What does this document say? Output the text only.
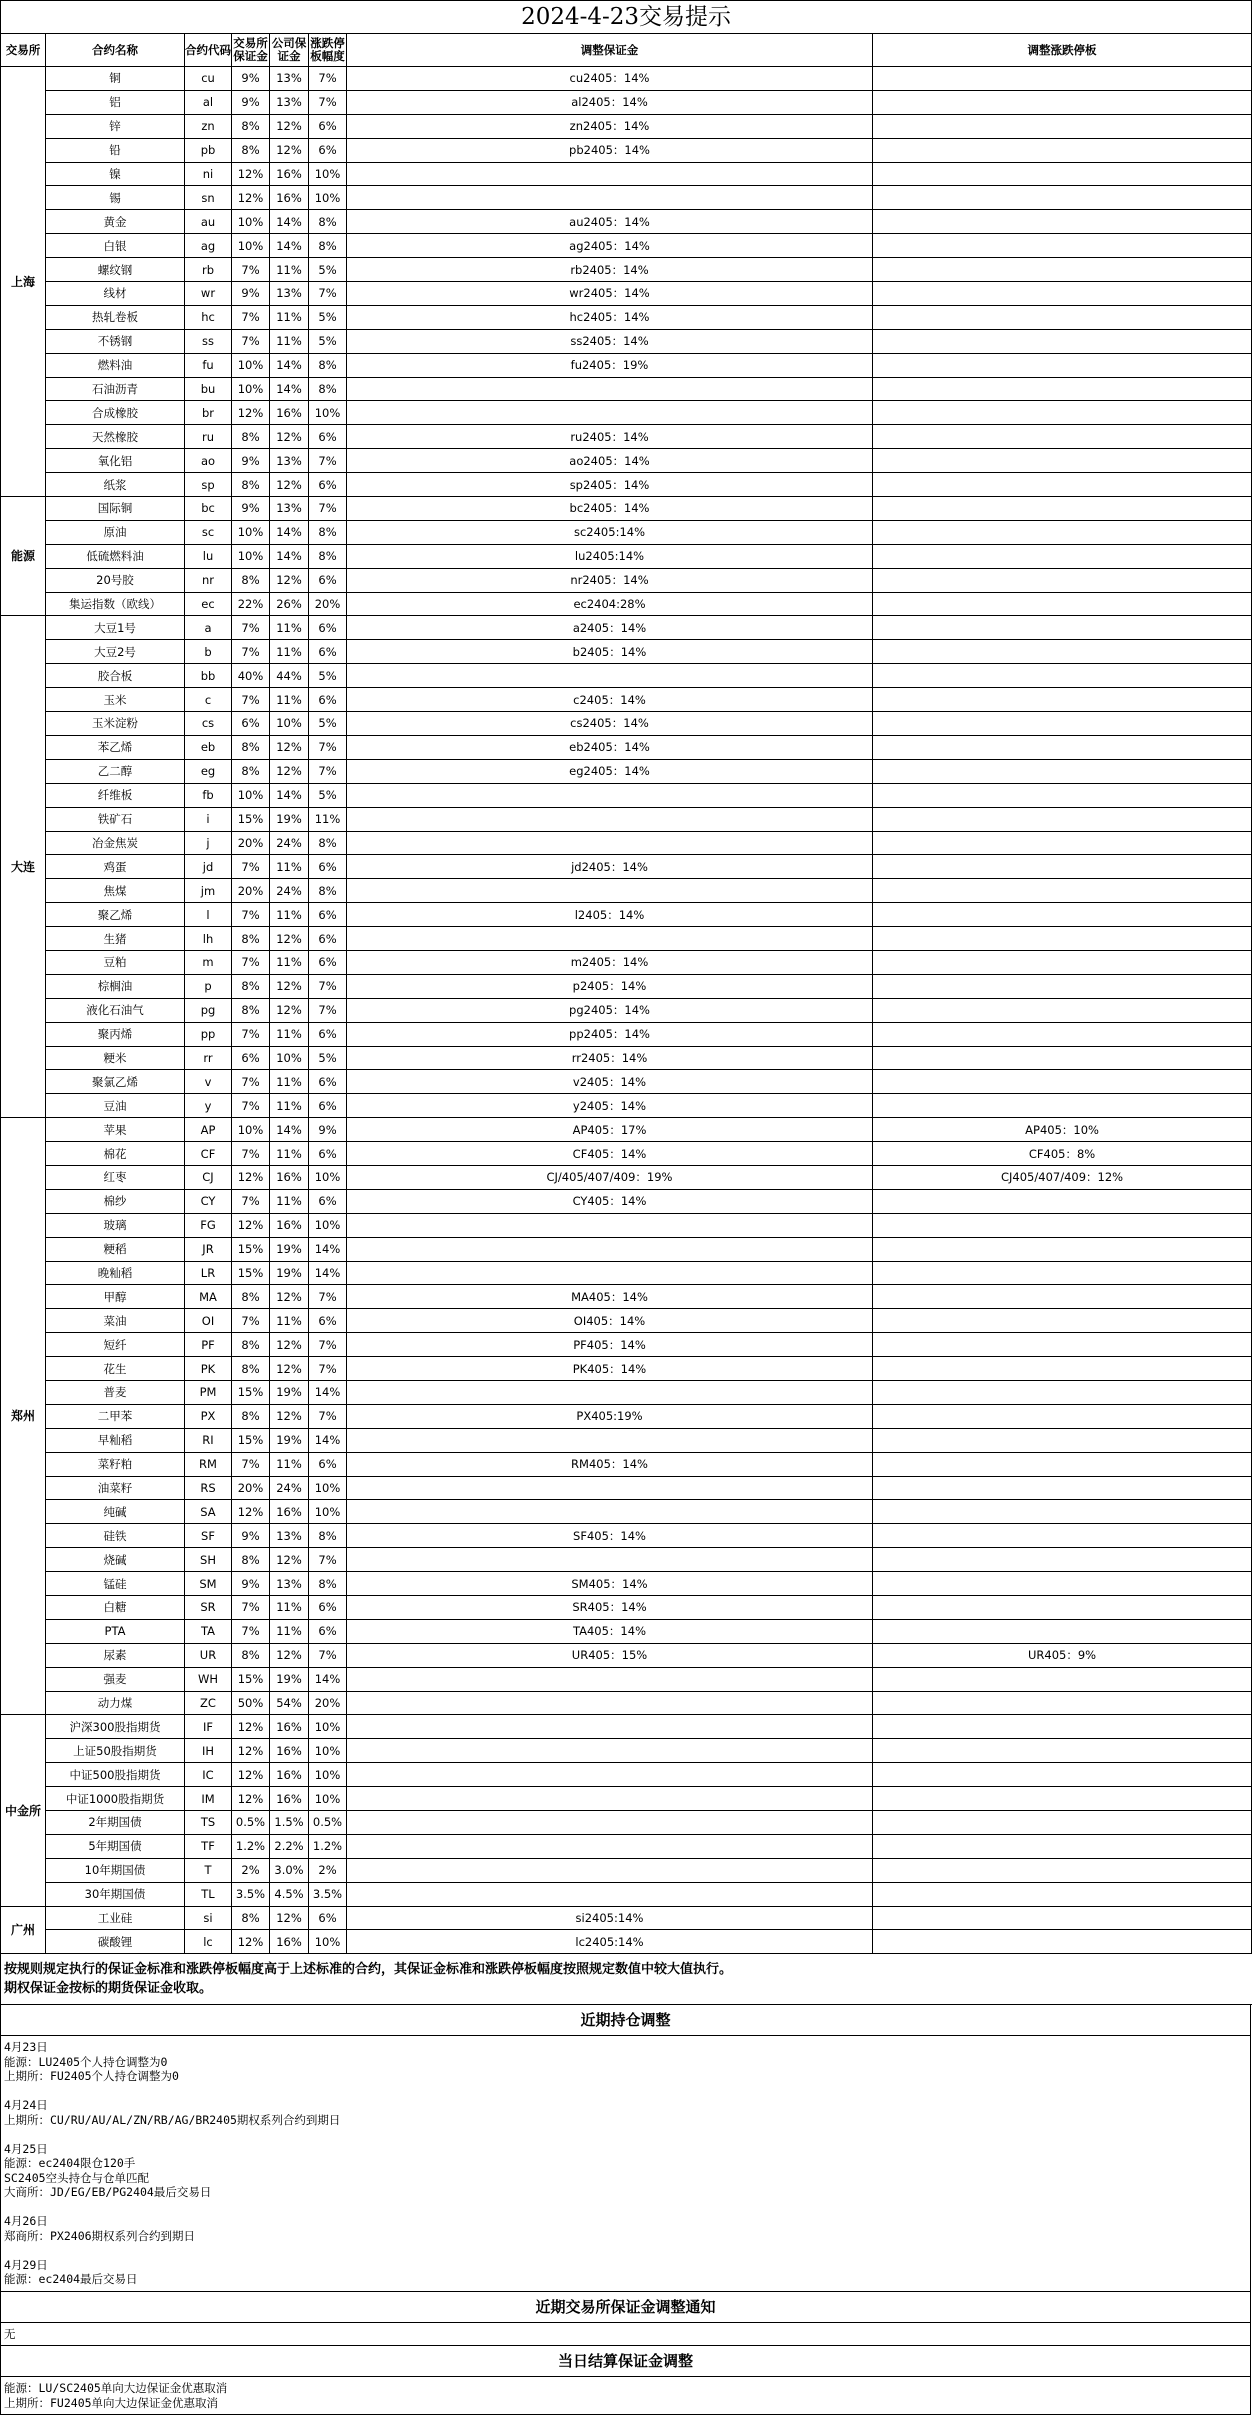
2024-4-23交易提示							
交易所	合约名称	合约代码	交易所保证金	公司保证金	涨跌停板幅度	调整保证金	调整涨跌停板
上海	铜	cu	9%	13%	7%	cu2405：14%	
	铝	al	9%	13%	7%	al2405：14%	
	锌	zn	8%	12%	6%	zn2405：14%	
	铅	pb	8%	12%	6%	pb2405：14%	
	镍	ni	12%	16%	10%		
	锡	sn	12%	16%	10%		
	黄金	au	10%	14%	8%	au2405：14%	
	白银	ag	10%	14%	8%	ag2405：14%	
	螺纹钢	rb	7%	11%	5%	rb2405：14%	
	线材	wr	9%	13%	7%	wr2405：14%	
	热轧卷板	hc	7%	11%	5%	hc2405：14%	
	不锈钢	ss	7%	11%	5%	ss2405：14%	
	燃料油	fu	10%	14%	8%	fu2405：19%	
	石油沥青	bu	10%	14%	8%		
	合成橡胶	br	12%	16%	10%		
	天然橡胶	ru	8%	12%	6%	ru2405：14%	
	氧化铝	ao	9%	13%	7%	ao2405：14%	
	纸浆	sp	8%	12%	6%	sp2405：14%	
能源	国际铜	bc	9%	13%	7%	bc2405：14%	
	原油	sc	10%	14%	8%	sc2405:14%	
	低硫燃料油	lu	10%	14%	8%	lu2405:14%	
	20号胶	nr	8%	12%	6%	nr2405：14%	
	集运指数（欧线）	ec	22%	26%	20%	ec2404:28%	
大连	大豆1号	a	7%	11%	6%	a2405：14%	
	大豆2号	b	7%	11%	6%	b2405：14%	
	胶合板	bb	40%	44%	5%		
	玉米	c	7%	11%	6%	c2405：14%	
	玉米淀粉	cs	6%	10%	5%	cs2405：14%	
	苯乙烯	eb	8%	12%	7%	eb2405：14%	
	乙二醇	eg	8%	12%	7%	eg2405：14%	
	纤维板	fb	10%	14%	5%		
	铁矿石	i	15%	19%	11%		
	冶金焦炭	j	20%	24%	8%		
	鸡蛋	jd	7%	11%	6%	jd2405：14%	
	焦煤	jm	20%	24%	8%		
	聚乙烯	l	7%	11%	6%	l2405：14%	
	生猪	lh	8%	12%	6%		
	豆粕	m	7%	11%	6%	m2405：14%	
	棕榈油	p	8%	12%	7%	p2405：14%	
	液化石油气	pg	8%	12%	7%	pg2405：14%	
	聚丙烯	pp	7%	11%	6%	pp2405：14%	
	粳米	rr	6%	10%	5%	rr2405：14%	
	聚氯乙烯	v	7%	11%	6%	v2405：14%	
	豆油	y	7%	11%	6%	y2405：14%	
郑州	苹果	AP	10%	14%	9%	AP405：17%	AP405：10%
	棉花	CF	7%	11%	6%	CF405：14%	CF405：8%
	红枣	CJ	12%	16%	10%	CJ/405/407/409：19%	CJ405/407/409：12%
	棉纱	CY	7%	11%	6%	CY405：14%	
	玻璃	FG	12%	16%	10%		
	粳稻	JR	15%	19%	14%		
	晚籼稻	LR	15%	19%	14%		
	甲醇	MA	8%	12%	7%	MA405：14%	
	菜油	OI	7%	11%	6%	OI405：14%	
	短纤	PF	8%	12%	7%	PF405：14%	
	花生	PK	8%	12%	7%	PK405：14%	
	普麦	PM	15%	19%	14%		
	二甲苯	PX	8%	12%	7%	PX405:19%	
	早籼稻	RI	15%	19%	14%		
	菜籽粕	RM	7%	11%	6%	RM405：14%	
	油菜籽	RS	20%	24%	10%		
	纯碱	SA	12%	16%	10%		
	硅铁	SF	9%	13%	8%	SF405：14%	
	烧碱	SH	8%	12%	7%		
	锰硅	SM	9%	13%	8%	SM405：14%	
	白糖	SR	7%	11%	6%	SR405：14%	
	PTA	TA	7%	11%	6%	TA405：14%	
	尿素	UR	8%	12%	7%	UR405：15%	UR405：9%
	强麦	WH	15%	19%	14%		
	动力煤	ZC	50%	54%	20%		
中金所	沪深300股指期货	IF	12%	16%	10%		
	上证50股指期货	IH	12%	16%	10%		
	中证500股指期货	IC	12%	16%	10%		
	中证1000股指期货	IM	12%	16%	10%		
	2年期国债	TS	0.5%	1.5%	0.5%		
	5年期国债	TF	1.2%	2.2%	1.2%		
	10年期国债	T	2%	3.0%	2%		
	30年期国债	TL	3.5%	4.5%	3.5%		
广州	工业硅	si	8%	12%	6%	si2405:14%	
	碳酸锂	lc	12%	16%	10%	lc2405:14%	
按规则规定执行的保证金标准和涨跌停板幅度高于上述标准的合约，其保证金标准和涨跌停板幅度按照规定数值中较大值执行。
期权保证金按标的期货保证金收取。
近期持仓调整
4月23日
能源：LU2405个人持仓调整为0
上期所：FU2405个人持仓调整为0
4月24日
上期所：CU/RU/AU/AL/ZN/RB/AG/BR2405期权系列合约到期日
4月25日
能源：ec2404限仓120手
SC2405空头持仓与仓单匹配
大商所：JD/EG/EB/PG2404最后交易日
4月26日
郑商所：PX2406期权系列合约到期日
4月29日
能源：ec2404最后交易日
近期交易所保证金调整通知
无
当日结算保证金调整
能源：LU/SC2405单向大边保证金优惠取消
上期所：FU2405单向大边保证金优惠取消
